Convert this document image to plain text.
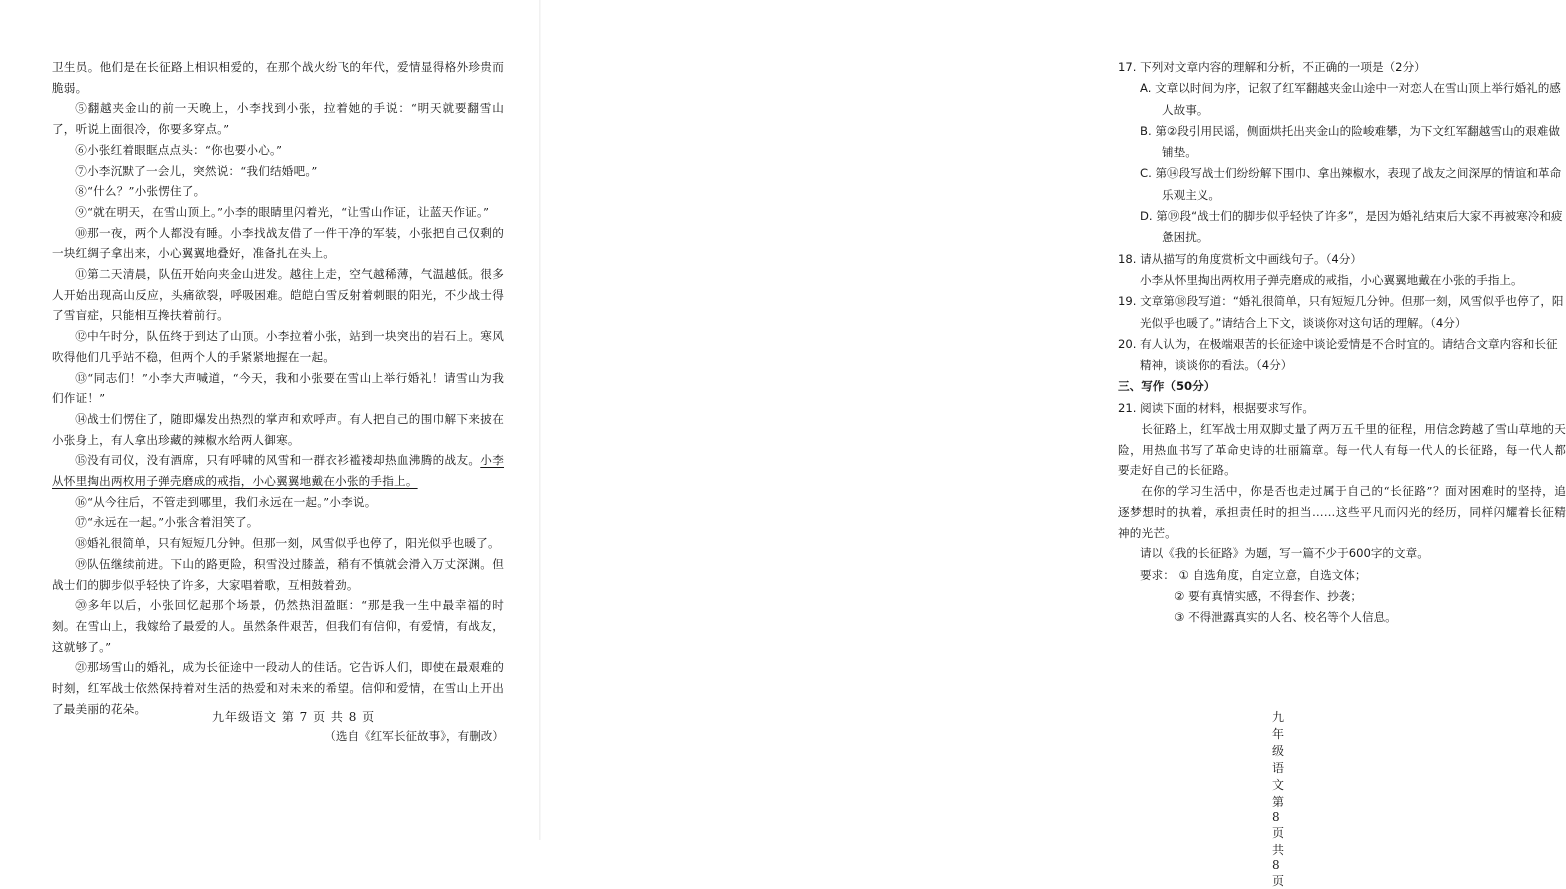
卫生员。他们是在长征路上相识相爱的，在那个战火纷飞的年代，爱情显得格外珍贵而脆弱。

⑤翻越夹金山的前一天晚上，小李找到小张，拉着她的手说：“明天就要翻雪山了，听说上面很冷，你要多穿点。”

⑥小张红着眼眶点点头：“你也要小心。”

⑦小李沉默了一会儿，突然说：“我们结婚吧。”

⑧“什么？”小张愣住了。

⑨“就在明天，在雪山顶上。”小李的眼睛里闪着光，“让雪山作证，让蓝天作证。”

⑩那一夜，两个人都没有睡。小李找战友借了一件干净的军装，小张把自己仅剩的一块红绸子拿出来，小心翼翼地叠好，准备扎在头上。

⑪第二天清晨，队伍开始向夹金山进发。越往上走，空气越稀薄，气温越低。很多人开始出现高山反应，头痛欲裂，呼吸困难。皑皑白雪反射着刺眼的阳光，不少战士得了雪盲症，只能相互搀扶着前行。

⑫中午时分，队伍终于到达了山顶。小李拉着小张，站到一块突出的岩石上。寒风吹得他们几乎站不稳，但两个人的手紧紧地握在一起。

⑬“同志们！”小李大声喊道，“今天，我和小张要在雪山上举行婚礼！请雪山为我们作证！”

⑭战士们愣住了，随即爆发出热烈的掌声和欢呼声。有人把自己的围巾解下来披在小张身上，有人拿出珍藏的辣椒水给两人御寒。

⑮没有司仪，没有酒席，只有呼啸的风雪和一群衣衫褴褛却热血沸腾的战友。小李从怀里掏出两枚用子弹壳磨成的戒指，小心翼翼地戴在小张的手指上。

⑯“从今往后，不管走到哪里，我们永远在一起。”小李说。

⑰“永远在一起。”小张含着泪笑了。

⑱婚礼很简单，只有短短几分钟。但那一刻，风雪似乎也停了，阳光似乎也暖了。

⑲队伍继续前进。下山的路更险，积雪没过膝盖，稍有不慎就会滑入万丈深渊。但战士们的脚步似乎轻快了许多，大家唱着歌，互相鼓着劲。

⑳多年以后，小张回忆起那个场景，仍然热泪盈眶：“那是我一生中最幸福的时刻。在雪山上，我嫁给了最爱的人。虽然条件艰苦，但我们有信仰，有爱情，有战友，这就够了。”

㉑那场雪山的婚礼，成为长征途中一段动人的佳话。它告诉人们，即使在最艰难的时刻，红军战士依然保持着对生活的热爱和对未来的希望。信仰和爱情，在雪山上开出了最美丽的花朵。

（选自《红军长征故事》，有删改）

九年级语文 第 7 页 共 8 页

17. 下列对文章内容的理解和分析，不正确的一项是（2分）

A. 文章以时间为序，记叙了红军翻越夹金山途中一对恋人在雪山顶上举行婚礼的感人故事。

B. 第②段引用民谣，侧面烘托出夹金山的险峻难攀，为下文红军翻越雪山的艰难做铺垫。

C. 第⑭段写战士们纷纷解下围巾、拿出辣椒水，表现了战友之间深厚的情谊和革命乐观主义。

D. 第⑲段“战士们的脚步似乎轻快了许多”，是因为婚礼结束后大家不再被寒冷和疲惫困扰。

18. 请从描写的角度赏析文中画线句子。（4分）

小李从怀里掏出两枚用子弹壳磨成的戒指，小心翼翼地戴在小张的手指上。

19. 文章第⑱段写道：“婚礼很简单，只有短短几分钟。但那一刻，风雪似乎也停了，阳光似乎也暖了。”请结合上下文，谈谈你对这句话的理解。（4分）

20. 有人认为，在极端艰苦的长征途中谈论爱情是不合时宜的。请结合文章内容和长征精神，谈谈你的看法。（4分）

三、写作（50分）

21. 阅读下面的材料，根据要求写作。

长征路上，红军战士用双脚丈量了两万五千里的征程，用信念跨越了雪山草地的天险，用热血书写了革命史诗的壮丽篇章。每一代人有每一代人的长征路，每一代人都要走好自己的长征路。

在你的学习生活中，你是否也走过属于自己的“长征路”？面对困难时的坚持，追逐梦想时的执着，承担责任时的担当……这些平凡而闪光的经历，同样闪耀着长征精神的光芒。

请以《我的长征路》为题，写一篇不少于600字的文章。

要求： ① 自选角度，自定立意，自选文体；

② 要有真情实感，不得套作、抄袭；

③ 不得泄露真实的人名、校名等个人信息。

九年级语文 第 8 页 共 8 页
